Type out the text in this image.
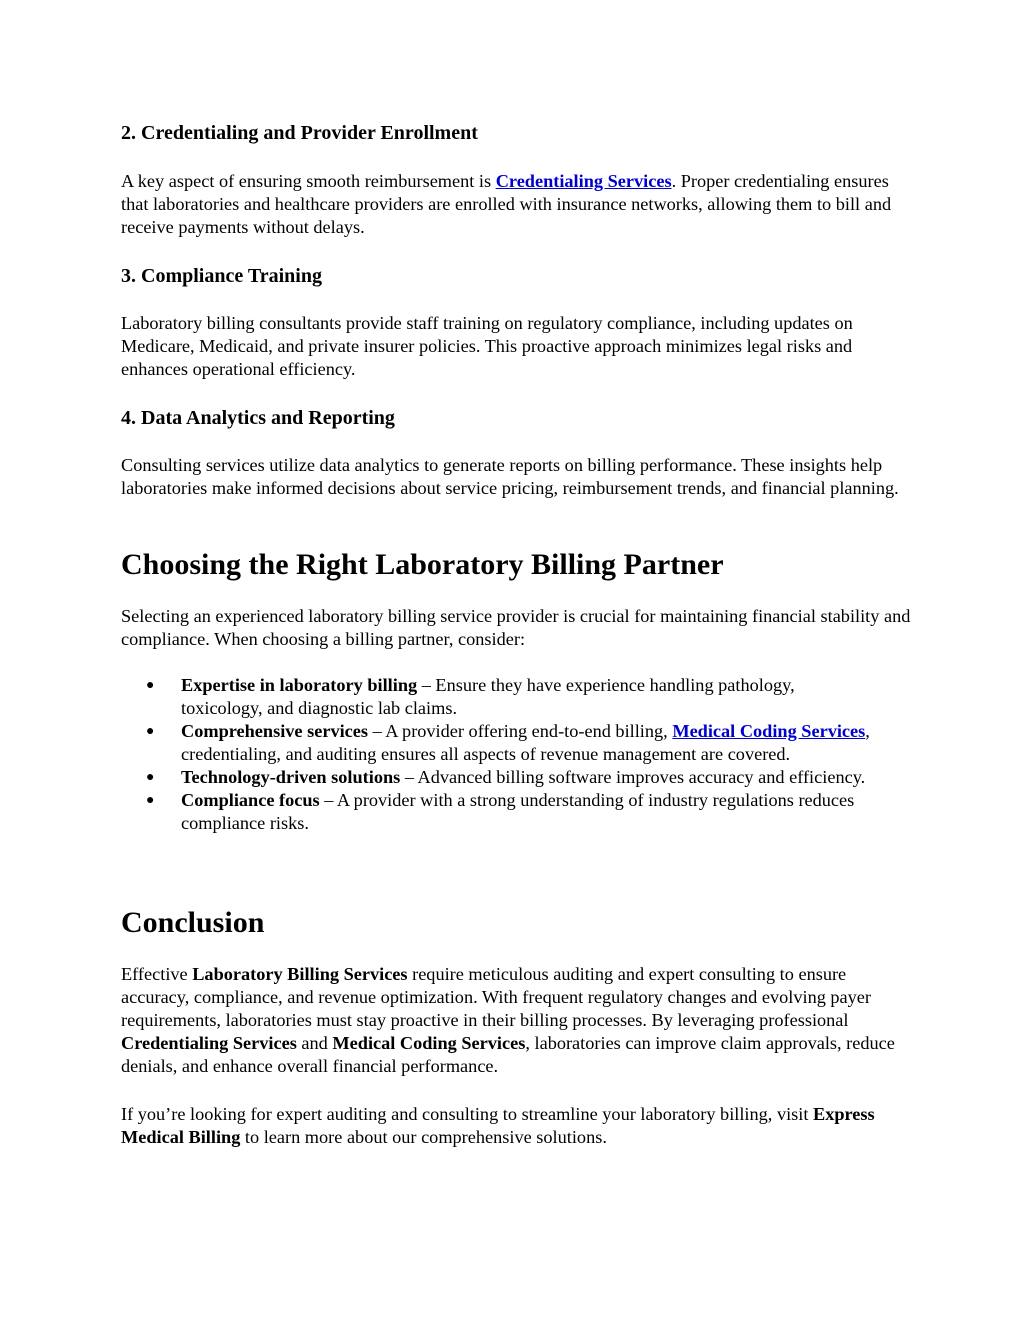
2. Credentialing and Provider Enrollment

A key aspect of ensuring smooth reimbursement is Credentialing Services. Proper credentialing ensures that laboratories and healthcare providers are enrolled with insurance networks, allowing them to bill and receive payments without delays.

3. Compliance Training

Laboratory billing consultants provide staff training on regulatory compliance, including updates on Medicare, Medicaid, and private insurer policies. This proactive approach minimizes legal risks and enhances operational efficiency.

4. Data Analytics and Reporting

Consulting services utilize data analytics to generate reports on billing performance. These insights help laboratories make informed decisions about service pricing, reimbursement trends, and financial planning.

Choosing the Right Laboratory Billing Partner

Selecting an experienced laboratory billing service provider is crucial for maintaining financial stability and compliance. When choosing a billing partner, consider:

● Expertise in laboratory billing – Ensure they have experience handling pathology, toxicology, and diagnostic lab claims.
● Comprehensive services – A provider offering end-to-end billing, Medical Coding Services, credentialing, and auditing ensures all aspects of revenue management are covered.
● Technology-driven solutions – Advanced billing software improves accuracy and efficiency.
● Compliance focus – A provider with a strong understanding of industry regulations reduces compliance risks.
Conclusion

Effective Laboratory Billing Services require meticulous auditing and expert consulting to ensure accuracy, compliance, and revenue optimization. With frequent regulatory changes and evolving payer requirements, laboratories must stay proactive in their billing processes. By leveraging professional Credentialing Services and Medical Coding Services, laboratories can improve claim approvals, reduce denials, and enhance overall financial performance.

If you’re looking for expert auditing and consulting to streamline your laboratory billing, visit Express Medical Billing to learn more about our comprehensive solutions.
